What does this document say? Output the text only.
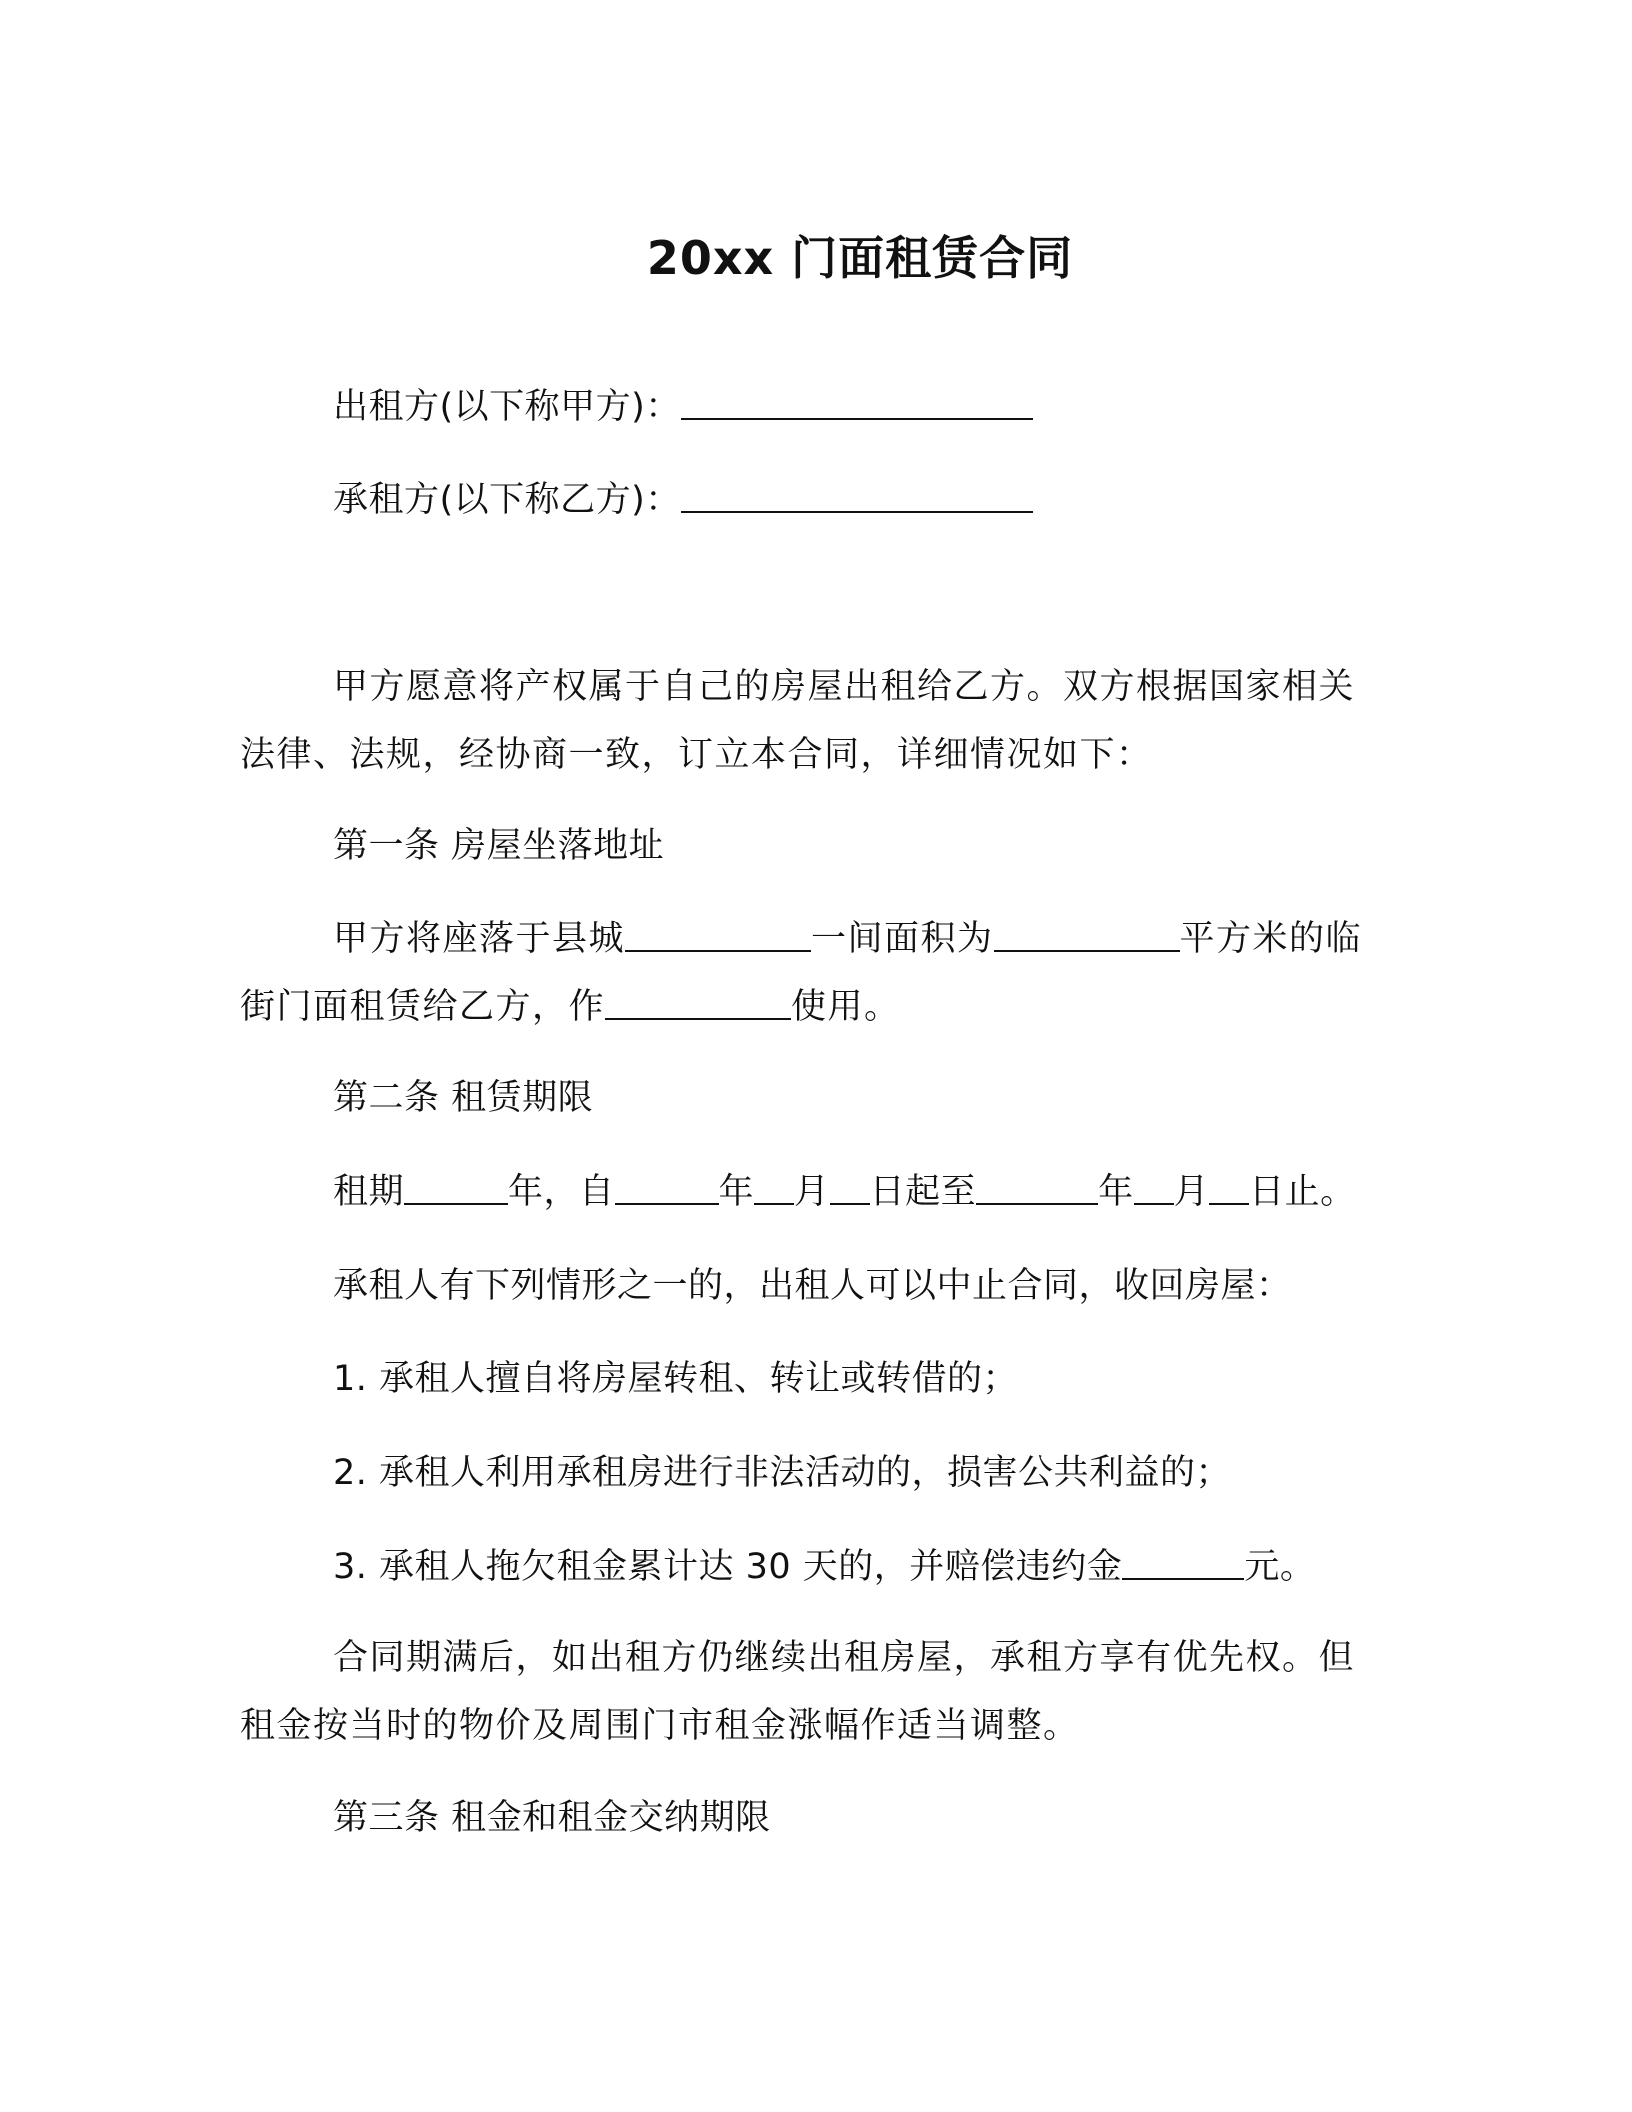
20xx 门面租赁合同
出租方(以下称甲方)：
承租方(以下称乙方)：
甲方愿意将产权属于自己的房屋出租给乙方。双方根据国家相关法律、法规，经协商一致，订立本合同，详细情况如下：
第一条 房屋坐落地址
甲方将座落于县城	一间面积为	平方米的临街门面租赁给乙方，作	使用。
第二条 租赁期限
租期	年，自	年 月 日起至	年 月 日止。
承租人有下列情形之一的，出租人可以中止合同，收回房屋：
1. 承租人擅自将房屋转租、转让或转借的；
2. 承租人利用承租房进行非法活动的，损害公共利益的；
3. 承租人拖欠租金累计达 30 天的，并赔偿违约金	元。
合同期满后，如出租方仍继续出租房屋，承租方享有优先权。但租金按当时的物价及周围门市租金涨幅作适当调整。
第三条 租金和租金交纳期限
